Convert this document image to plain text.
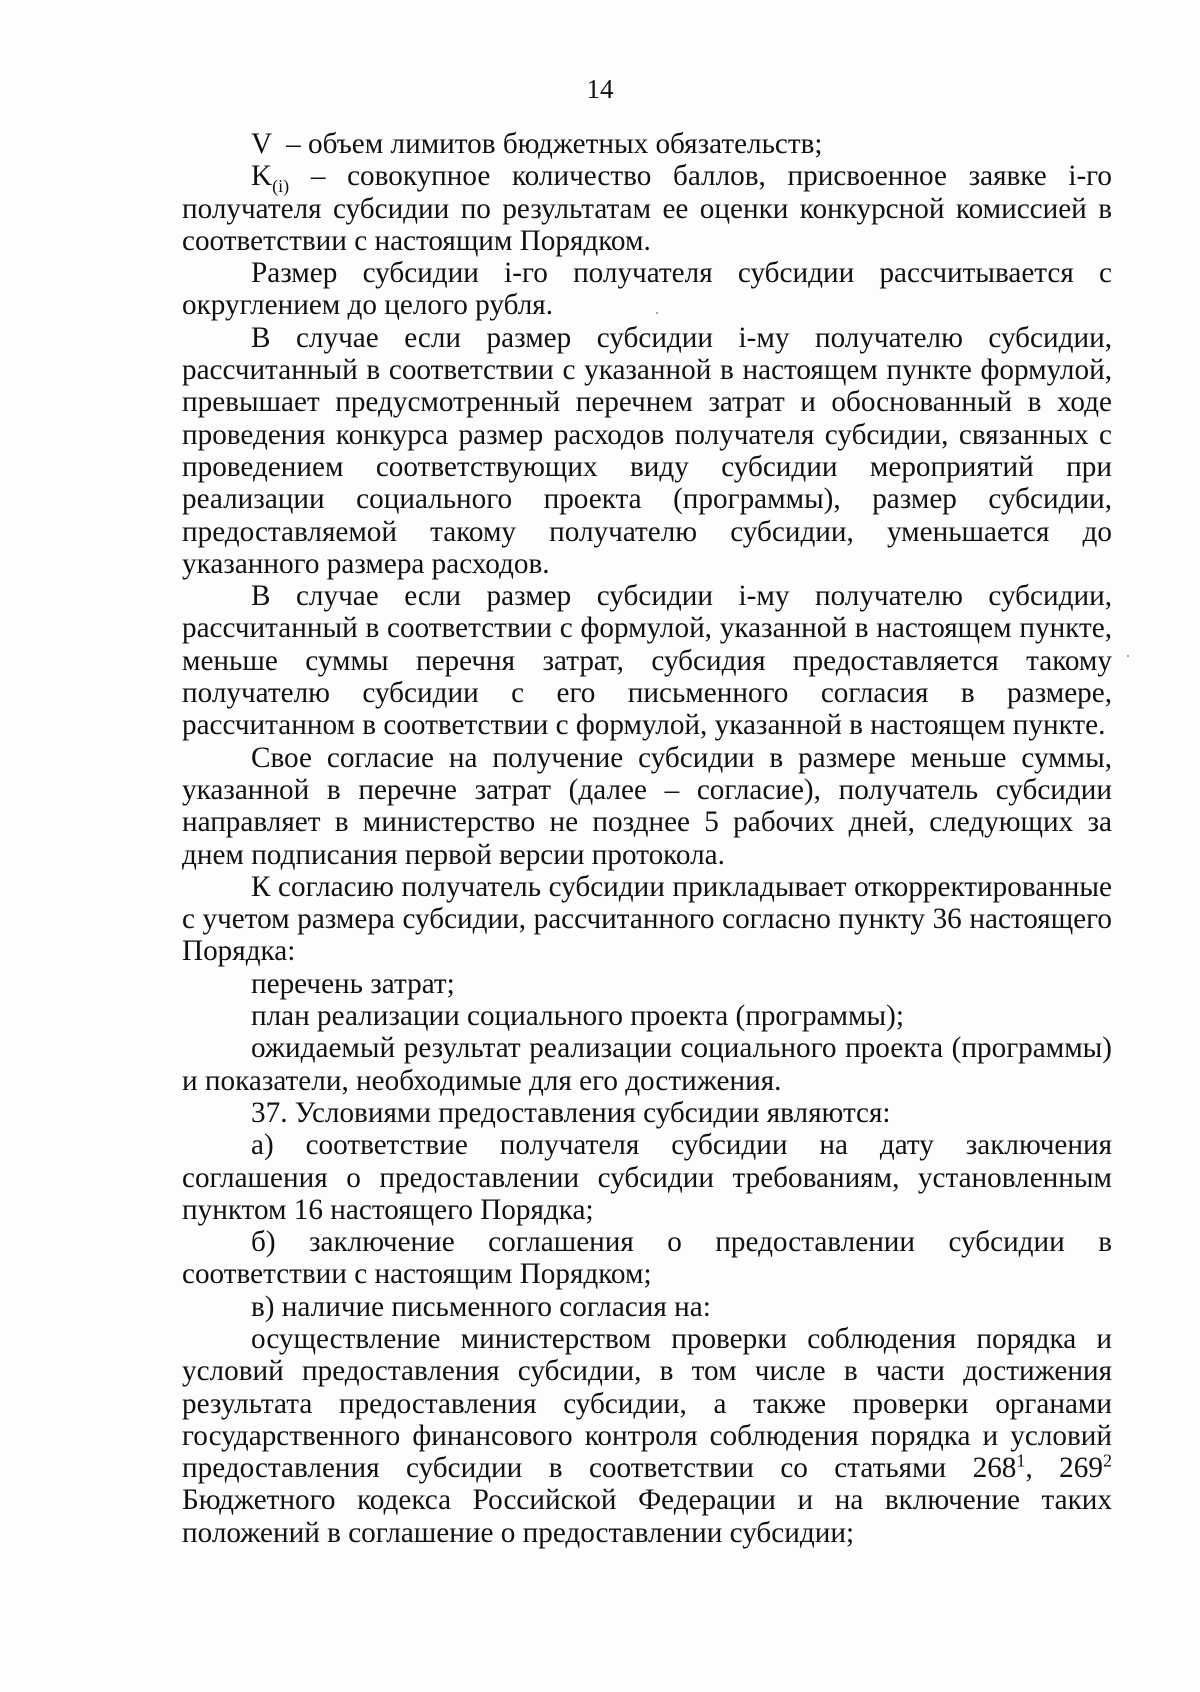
14

V – объем лимитов бюджетных обязательств;

$K_{(i)}$ – совокупное количество баллов, присвоенное заявке i-го получателя субсидии по результатам ее оценки конкурсной комиссией в соответствии с настоящим Порядком.

Размер субсидии i-го получателя субсидии рассчитывается с округлением до целого рубля.

В случае если размер субсидии i-му получателю субсидии, рассчитанный в соответствии с указанной в настоящем пункте формулой, превышает предусмотренный перечнем затрат и обоснованный в ходе проведения конкурса размер расходов получателя субсидии, связанных с проведением соответствующих виду субсидии мероприятий при реализации социального проекта (программы), размер субсидии, предоставляемой такому получателю субсидии, уменьшается до указанного размера расходов.

В случае если размер субсидии i-му получателю субсидии, рассчитанный в соответствии с формулой, указанной в настоящем пункте, меньше суммы перечня затрат, субсидия предоставляется такому получателю субсидии с его письменного согласия в размере, рассчитанном в соответствии с формулой, указанной в настоящем пункте.

Свое согласие на получение субсидии в размере меньше суммы, указанной в перечне затрат (далее – согласие), получатель субсидии направляет в министерство не позднее 5 рабочих дней, следующих за днем подписания первой версии протокола.

К согласию получатель субсидии прикладывает откорректированные с учетом размера субсидии, рассчитанного согласно пункту 36 настоящего Порядка:

перечень затрат;

план реализации социального проекта (программы);

ожидаемый результат реализации социального проекта (программы) и показатели, необходимые для его достижения.

37. Условиями предоставления субсидии являются:

а) соответствие получателя субсидии на дату заключения соглашения о предоставлении субсидии требованиям, установленным пунктом 16 настоящего Порядка;

б) заключение соглашения о предоставлении субсидии в соответствии с настоящим Порядком;

в) наличие письменного согласия на:

осуществление министерством проверки соблюдения порядка и условий предоставления субсидии, в том числе в части достижения результата предоставления субсидии, а также проверки органами государственного финансового контроля соблюдения порядка и условий предоставления субсидии в соответствии со статьями $268^1$, $269^2$ Бюджетного кодекса Российской Федерации и на включение таких положений в соглашение о предоставлении субсидии;
